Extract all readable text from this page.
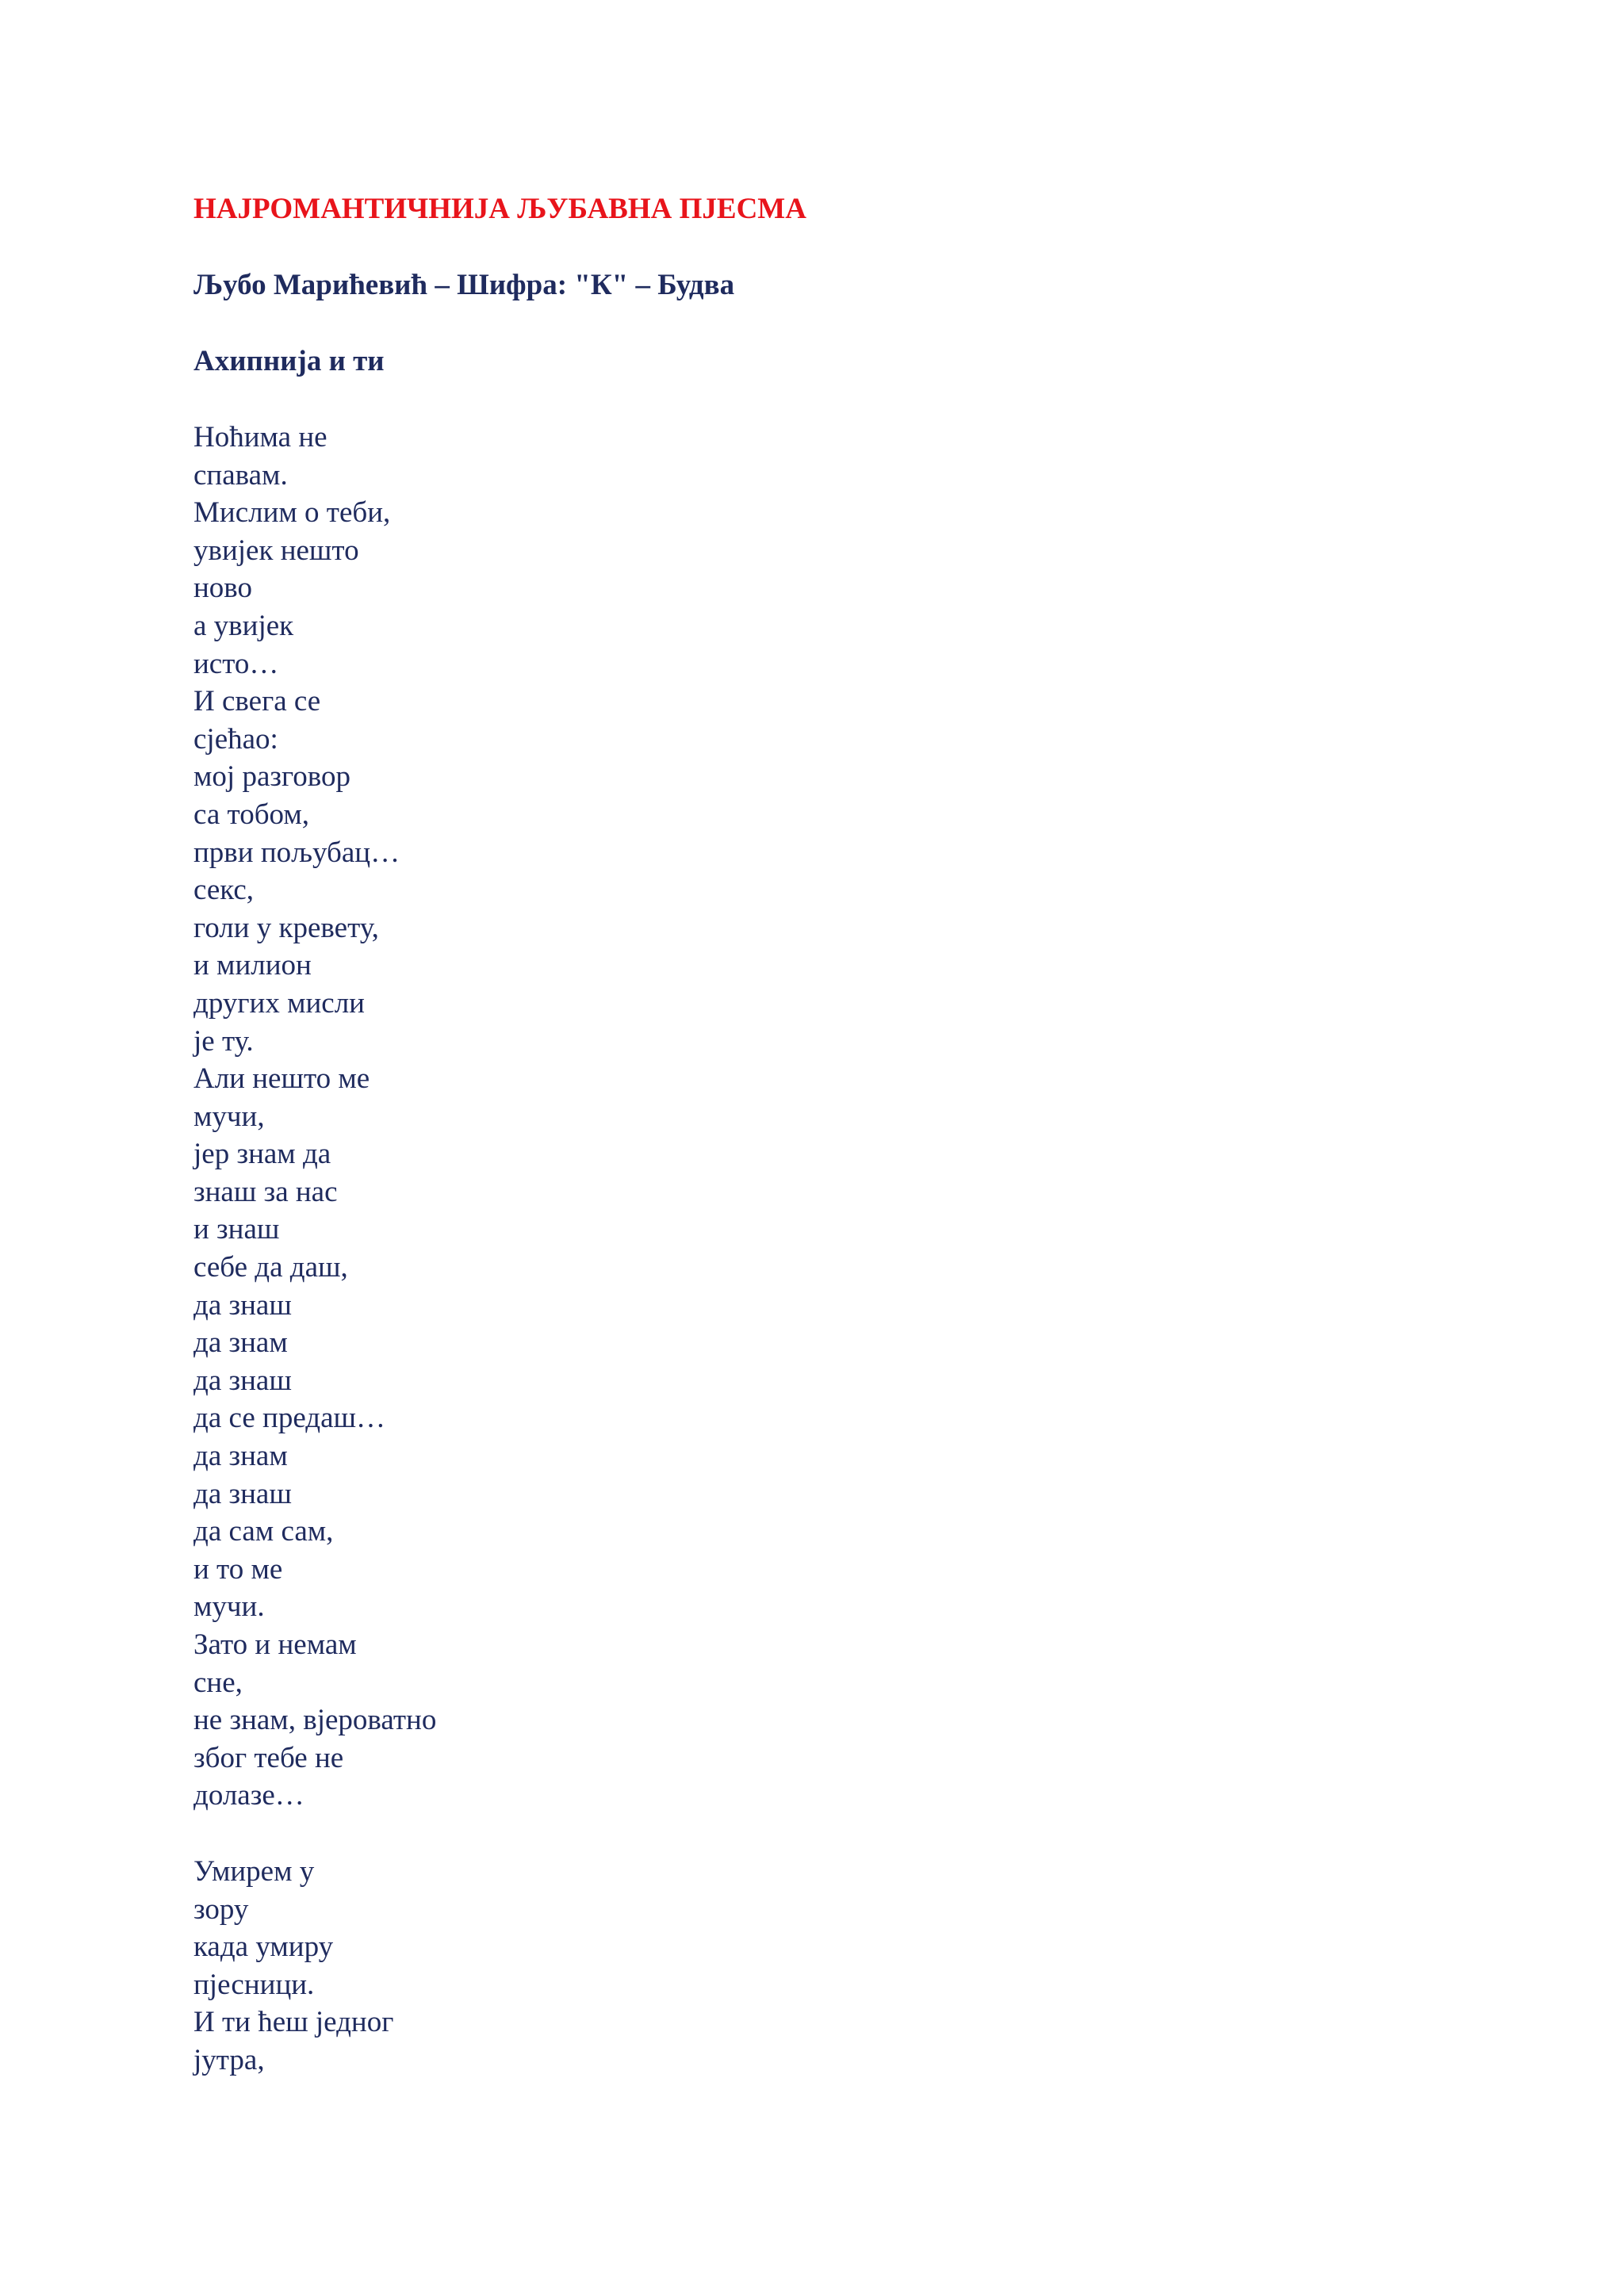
НАЈРОМАНТИЧНИЈА ЉУБАВНА ПЈЕСМА
Љубо Марићевић – Шифра: "К" – Будва
Ахипнија и ти
Ноћима не
спавам.
Мислим о теби,
увијек нешто
ново
а увијек
исто…
И свега се
сјећао:
мој разговор
са тобом,
први пољубац…
секс,
голи у кревету,
и милион
других мисли
је ту.
Али нешто ме
мучи,
јер знам да
знаш за нас
и знаш
себе да даш,
да знаш
да знам
да знаш
да се предаш…
да знам
да знаш
да сам сам,
и то ме
мучи.
Зато и немам
сне,
не знам, вјероватно
због тебе не
долазе…
Умирем у
зору
када умиру
пјесници.
И ти ћеш једног
јутра,
